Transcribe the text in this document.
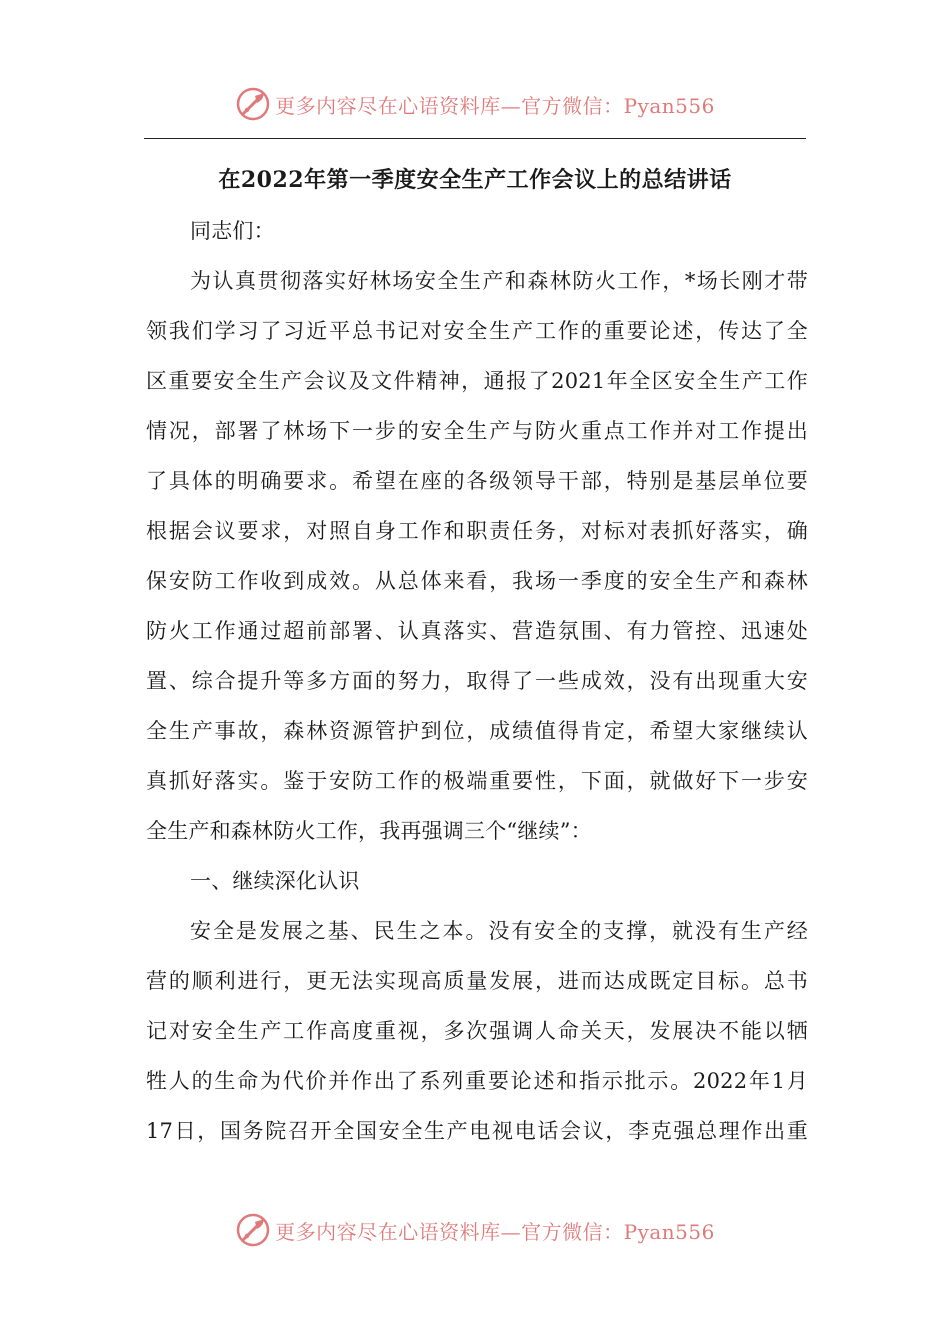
更多内容尽在心语资料库—官方微信：Pyan556
在2022年第一季度安全生产工作会议上的总结讲话
同志们：
为认真贯彻落实好林场安全生产和森林防火工作，*场长刚才带
领我们学习了习近平总书记对安全生产工作的重要论述，传达了全
区重要安全生产会议及文件精神，通报了2021年全区安全生产工作
情况，部署了林场下一步的安全生产与防火重点工作并对工作提出
了具体的明确要求。希望在座的各级领导干部，特别是基层单位要
根据会议要求，对照自身工作和职责任务，对标对表抓好落实，确
保安防工作收到成效。从总体来看，我场一季度的安全生产和森林
防火工作通过超前部署、认真落实、营造氛围、有力管控、迅速处
置、综合提升等多方面的努力，取得了一些成效，没有出现重大安
全生产事故，森林资源管护到位，成绩值得肯定，希望大家继续认
真抓好落实。鉴于安防工作的极端重要性，下面，就做好下一步安
全生产和森林防火工作，我再强调三个“继续”：
一、继续深化认识
安全是发展之基、民生之本。没有安全的支撑，就没有生产经
营的顺利进行，更无法实现高质量发展，进而达成既定目标。总书
记对安全生产工作高度重视，多次强调人命关天，发展决不能以牺
牲人的生命为代价并作出了系列重要论述和指示批示。2022年1月
17日，国务院召开全国安全生产电视电话会议，李克强总理作出重
更多内容尽在心语资料库—官方微信：Pyan556
